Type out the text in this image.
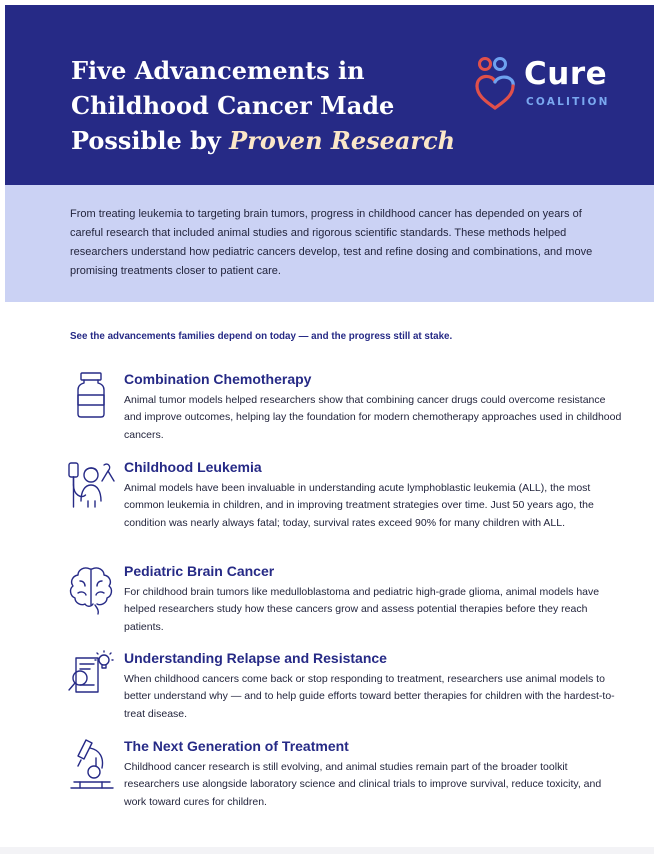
Five Advancements in
Childhood Cancer Made
Possible by Proven Research
Cure
COALITION

From treating leukemia to targeting brain tumors, progress in childhood cancer has depended on years of careful research that included animal studies and rigorous scientific standards. These methods helped researchers understand how pediatric cancers develop, test and refine dosing and combinations, and move promising treatments closer to patient care.

See the advancements families depend on today — and the progress still at stake.

Combination Chemotherapy

Animal tumor models helped researchers show that combining cancer drugs could overcome resistance and improve outcomes, helping lay the foundation for modern chemotherapy approaches used in childhood cancers.

Childhood Leukemia

Animal models have been invaluable in understanding acute lymphoblastic leukemia (ALL), the most common leukemia in children, and in improving treatment strategies over time. Just 50 years ago, the condition was nearly always fatal; today, survival rates exceed 90% for many children with ALL.

Pediatric Brain Cancer

For childhood brain tumors like medulloblastoma and pediatric high-grade glioma, animal models have helped researchers study how these cancers grow and assess potential therapies before they reach patients.

Understanding Relapse and Resistance

When childhood cancers come back or stop responding to treatment, researchers use animal models to better understand why — and to help guide efforts toward better therapies for children with the hardest-to-treat disease.

The Next Generation of Treatment

Childhood cancer research is still evolving, and animal studies remain part of the broader toolkit researchers use alongside laboratory science and clinical trials to improve survival, reduce toxicity, and work toward cures for children.
